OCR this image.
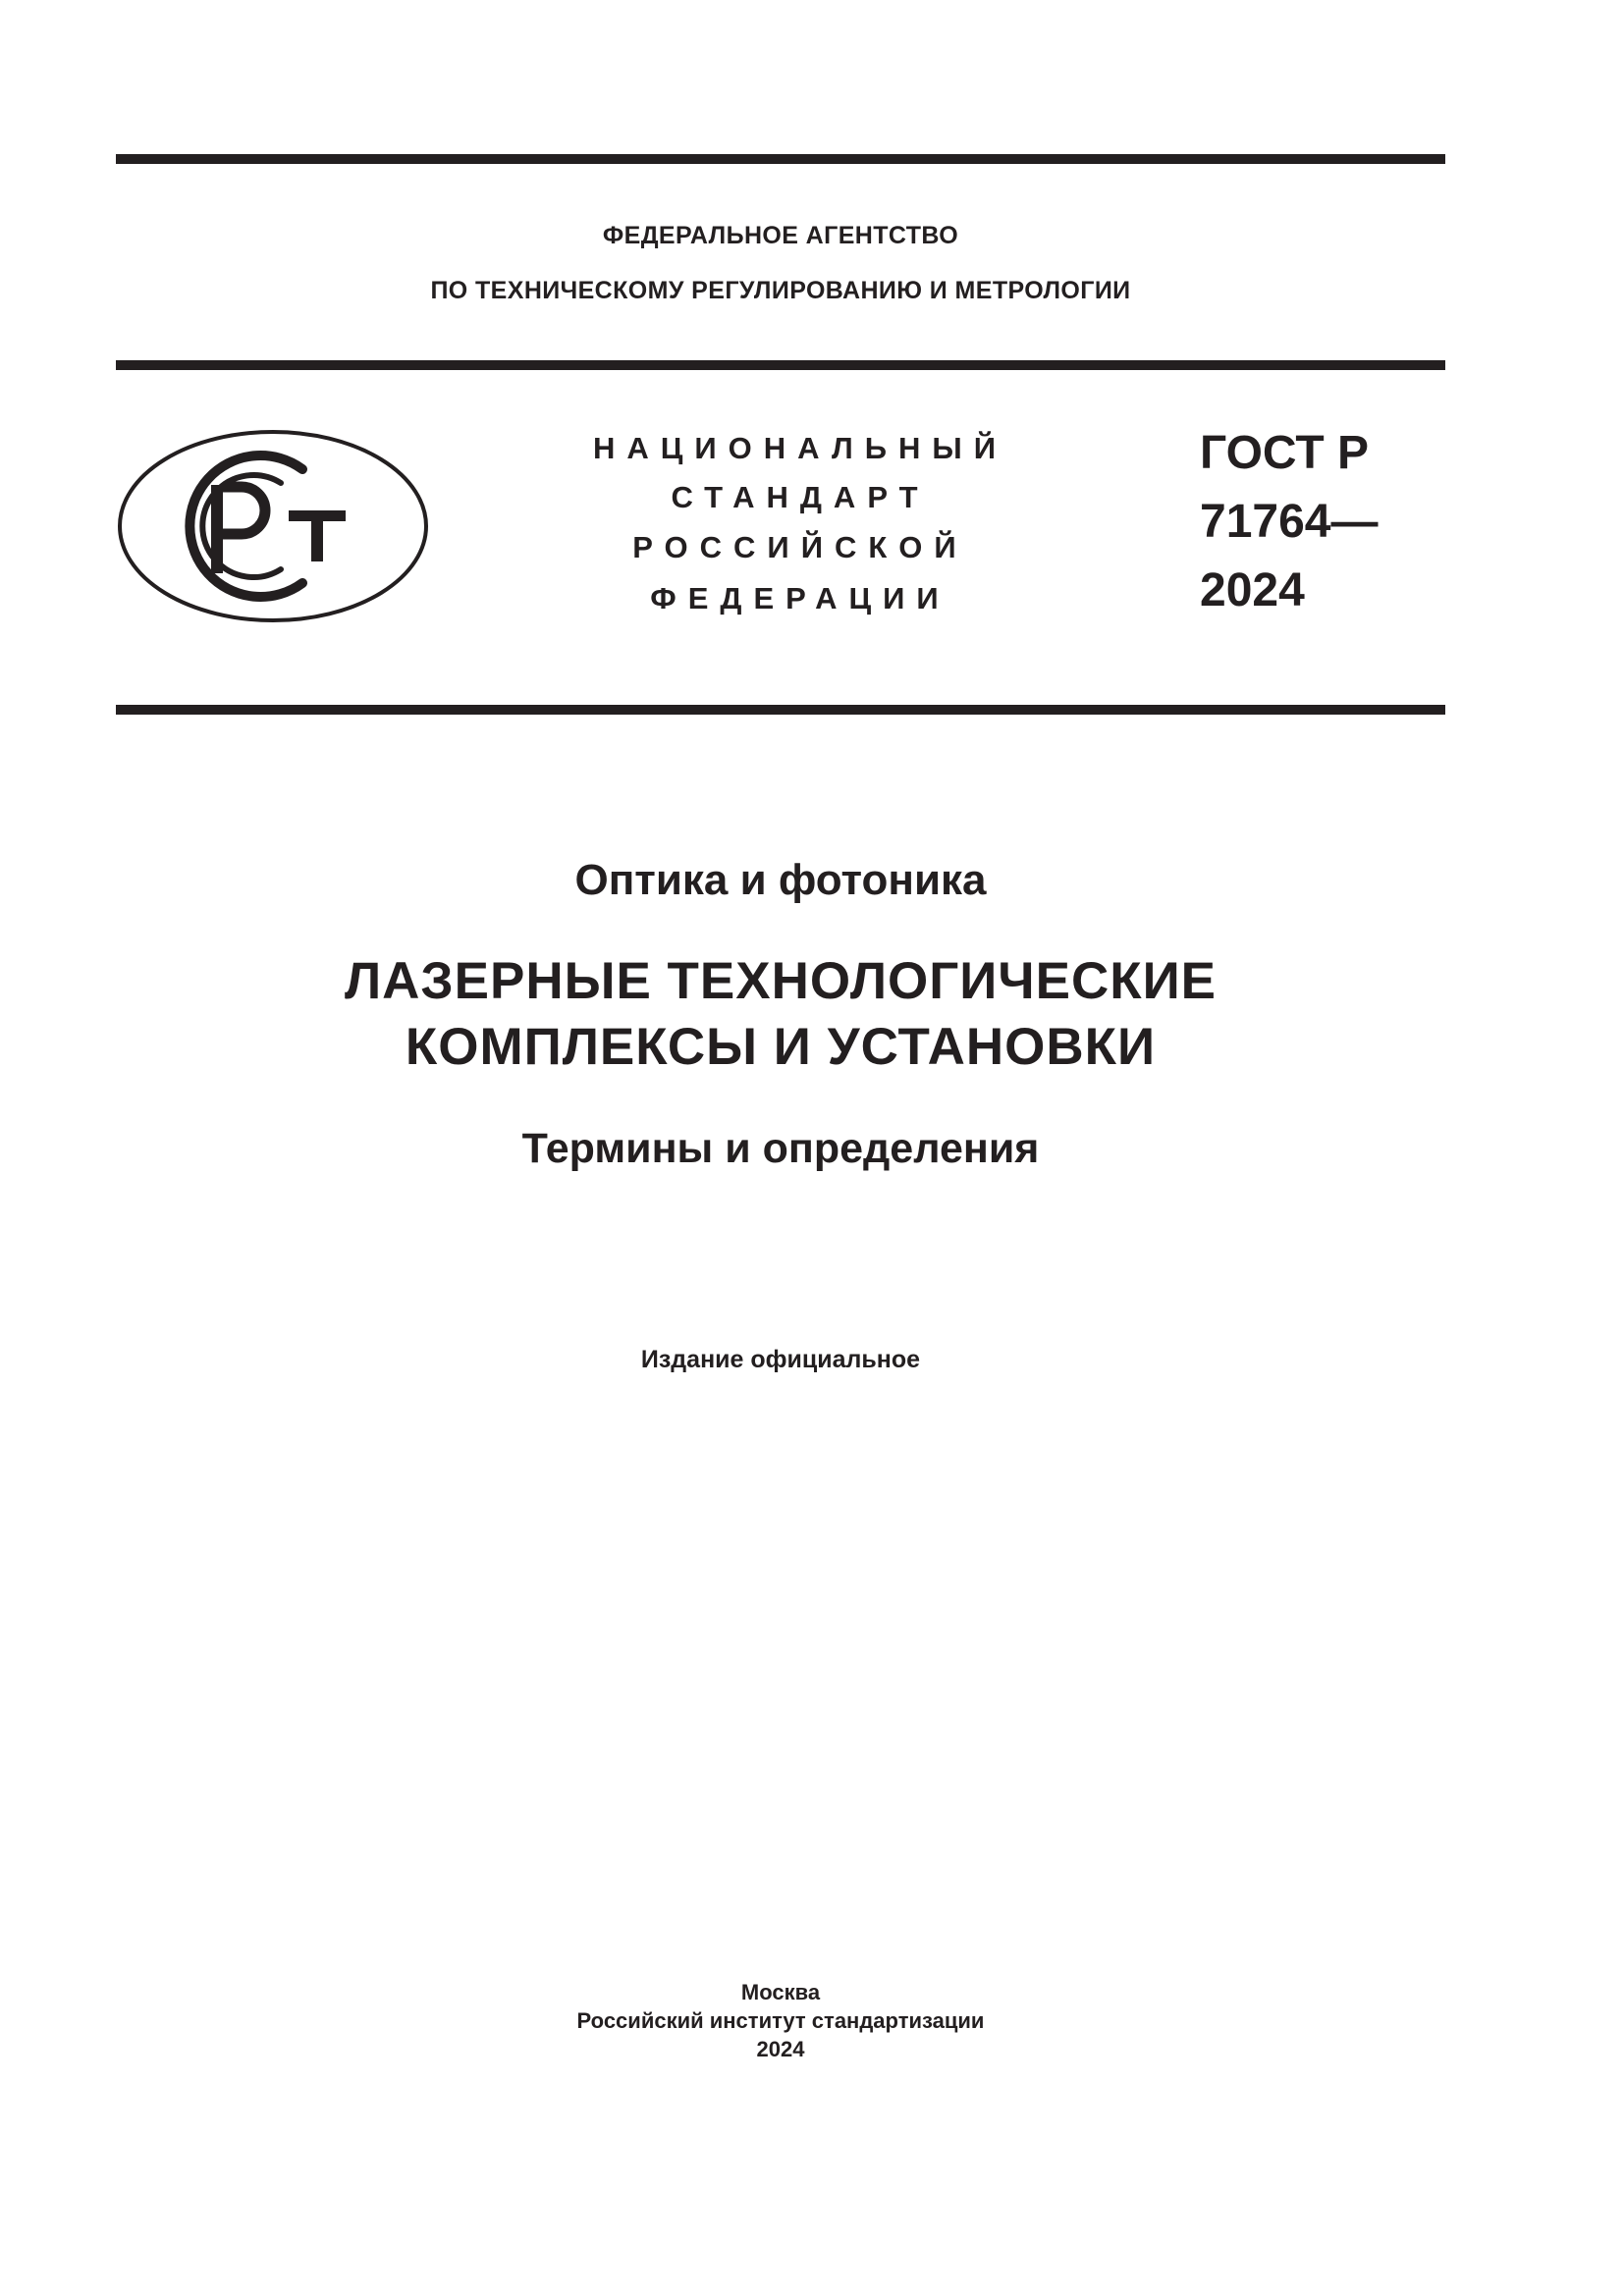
ФЕДЕРАЛЬНОЕ АГЕНТСТВО
ПО ТЕХНИЧЕСКОМУ РЕГУЛИРОВАНИЮ И МЕТРОЛОГИИ
НАЦИОНАЛЬНЫЙ
СТАНДАРТ
РОССИЙСКОЙ
ФЕДЕРАЦИИ
ГОСТ Р
71764—
2024
Оптика и фотоника
ЛАЗЕРНЫЕ ТЕХНОЛОГИЧЕСКИЕ
КОМПЛЕКСЫ И УСТАНОВКИ
Термины и определения
Издание официальное
Москва
Российский институт стандартизации
2024
